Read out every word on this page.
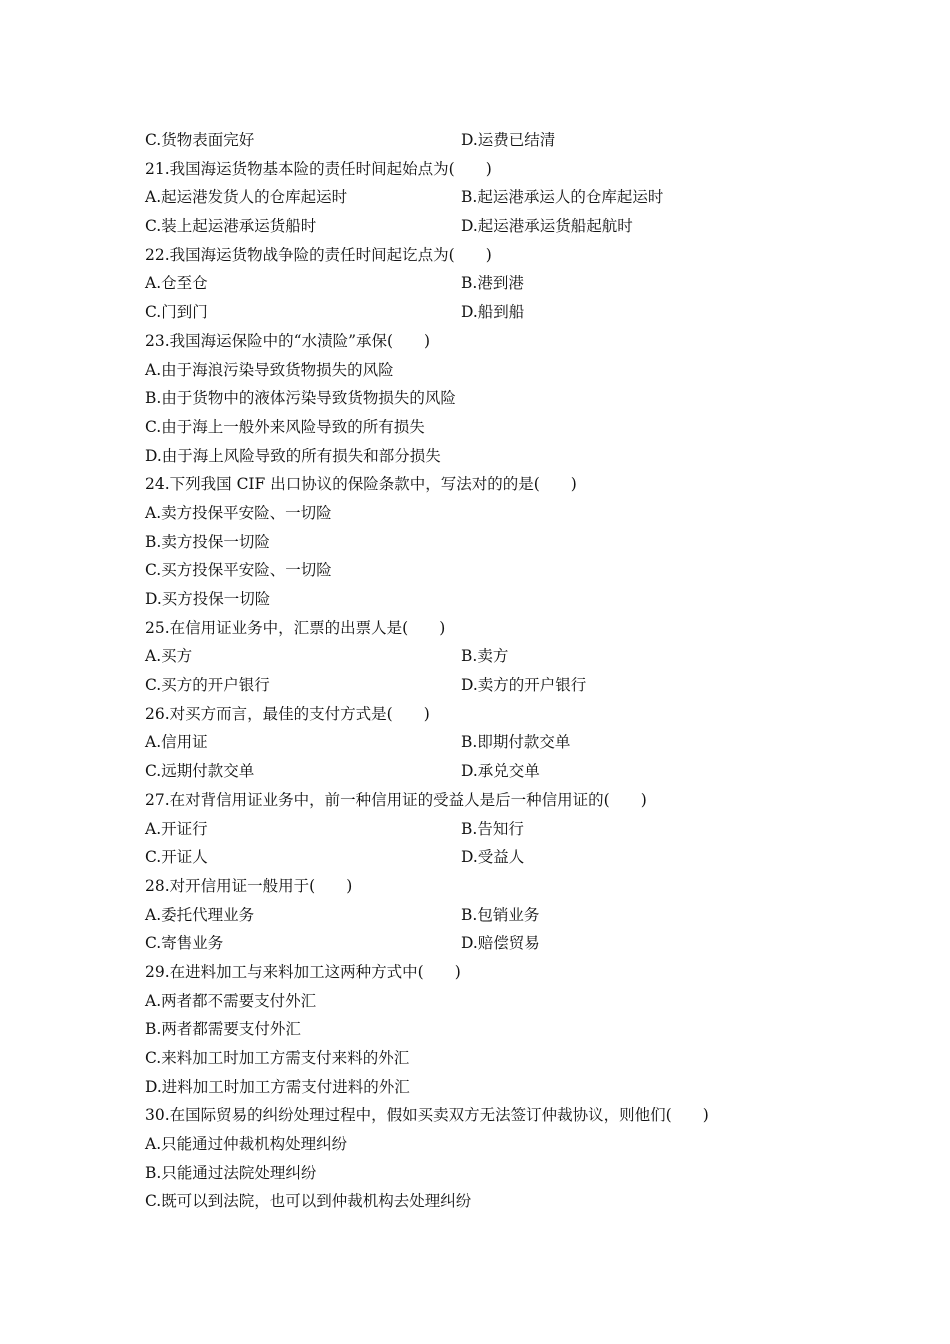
C.货物表面完好	D.运费已结清
21.我国海运货物基本险的责任时间起始点为(　　)
A.起运港发货人的仓库起运时	B.起运港承运人的仓库起运时
C.装上起运港承运货船时	D.起运港承运货船起航时
22.我国海运货物战争险的责任时间起讫点为(　　)
A.仓至仓	B.港到港
C.门到门	D.船到船
23.我国海运保险中的“水渍险”承保(　　)
A.由于海浪污染导致货物损失的风险
B.由于货物中的液体污染导致货物损失的风险
C.由于海上一般外来风险导致的所有损失
D.由于海上风险导致的所有损失和部分损失
24.下列我国 CIF 出口协议的保险条款中，写法对的的是(　　)
A.卖方投保平安险、一切险
B.卖方投保一切险
C.买方投保平安险、一切险
D.买方投保一切险
25.在信用证业务中，汇票的出票人是(　　)
A.买方	B.卖方
C.买方的开户银行	D.卖方的开户银行
26.对买方而言，最佳的支付方式是(　　)
A.信用证	B.即期付款交单
C.远期付款交单	D.承兑交单
27.在对背信用证业务中，前一种信用证的受益人是后一种信用证的(　　)
A.开证行	B.告知行
C.开证人	D.受益人
28.对开信用证一般用于(　　)
A.委托代理业务	B.包销业务
C.寄售业务	D.赔偿贸易
29.在进料加工与来料加工这两种方式中(　　)
A.两者都不需要支付外汇
B.两者都需要支付外汇
C.来料加工时加工方需支付来料的外汇
D.进料加工时加工方需支付进料的外汇
30.在国际贸易的纠纷处理过程中，假如买卖双方无法签订仲裁协议，则他们(　　)
A.只能通过仲裁机构处理纠纷
B.只能通过法院处理纠纷
C.既可以到法院，也可以到仲裁机构去处理纠纷
